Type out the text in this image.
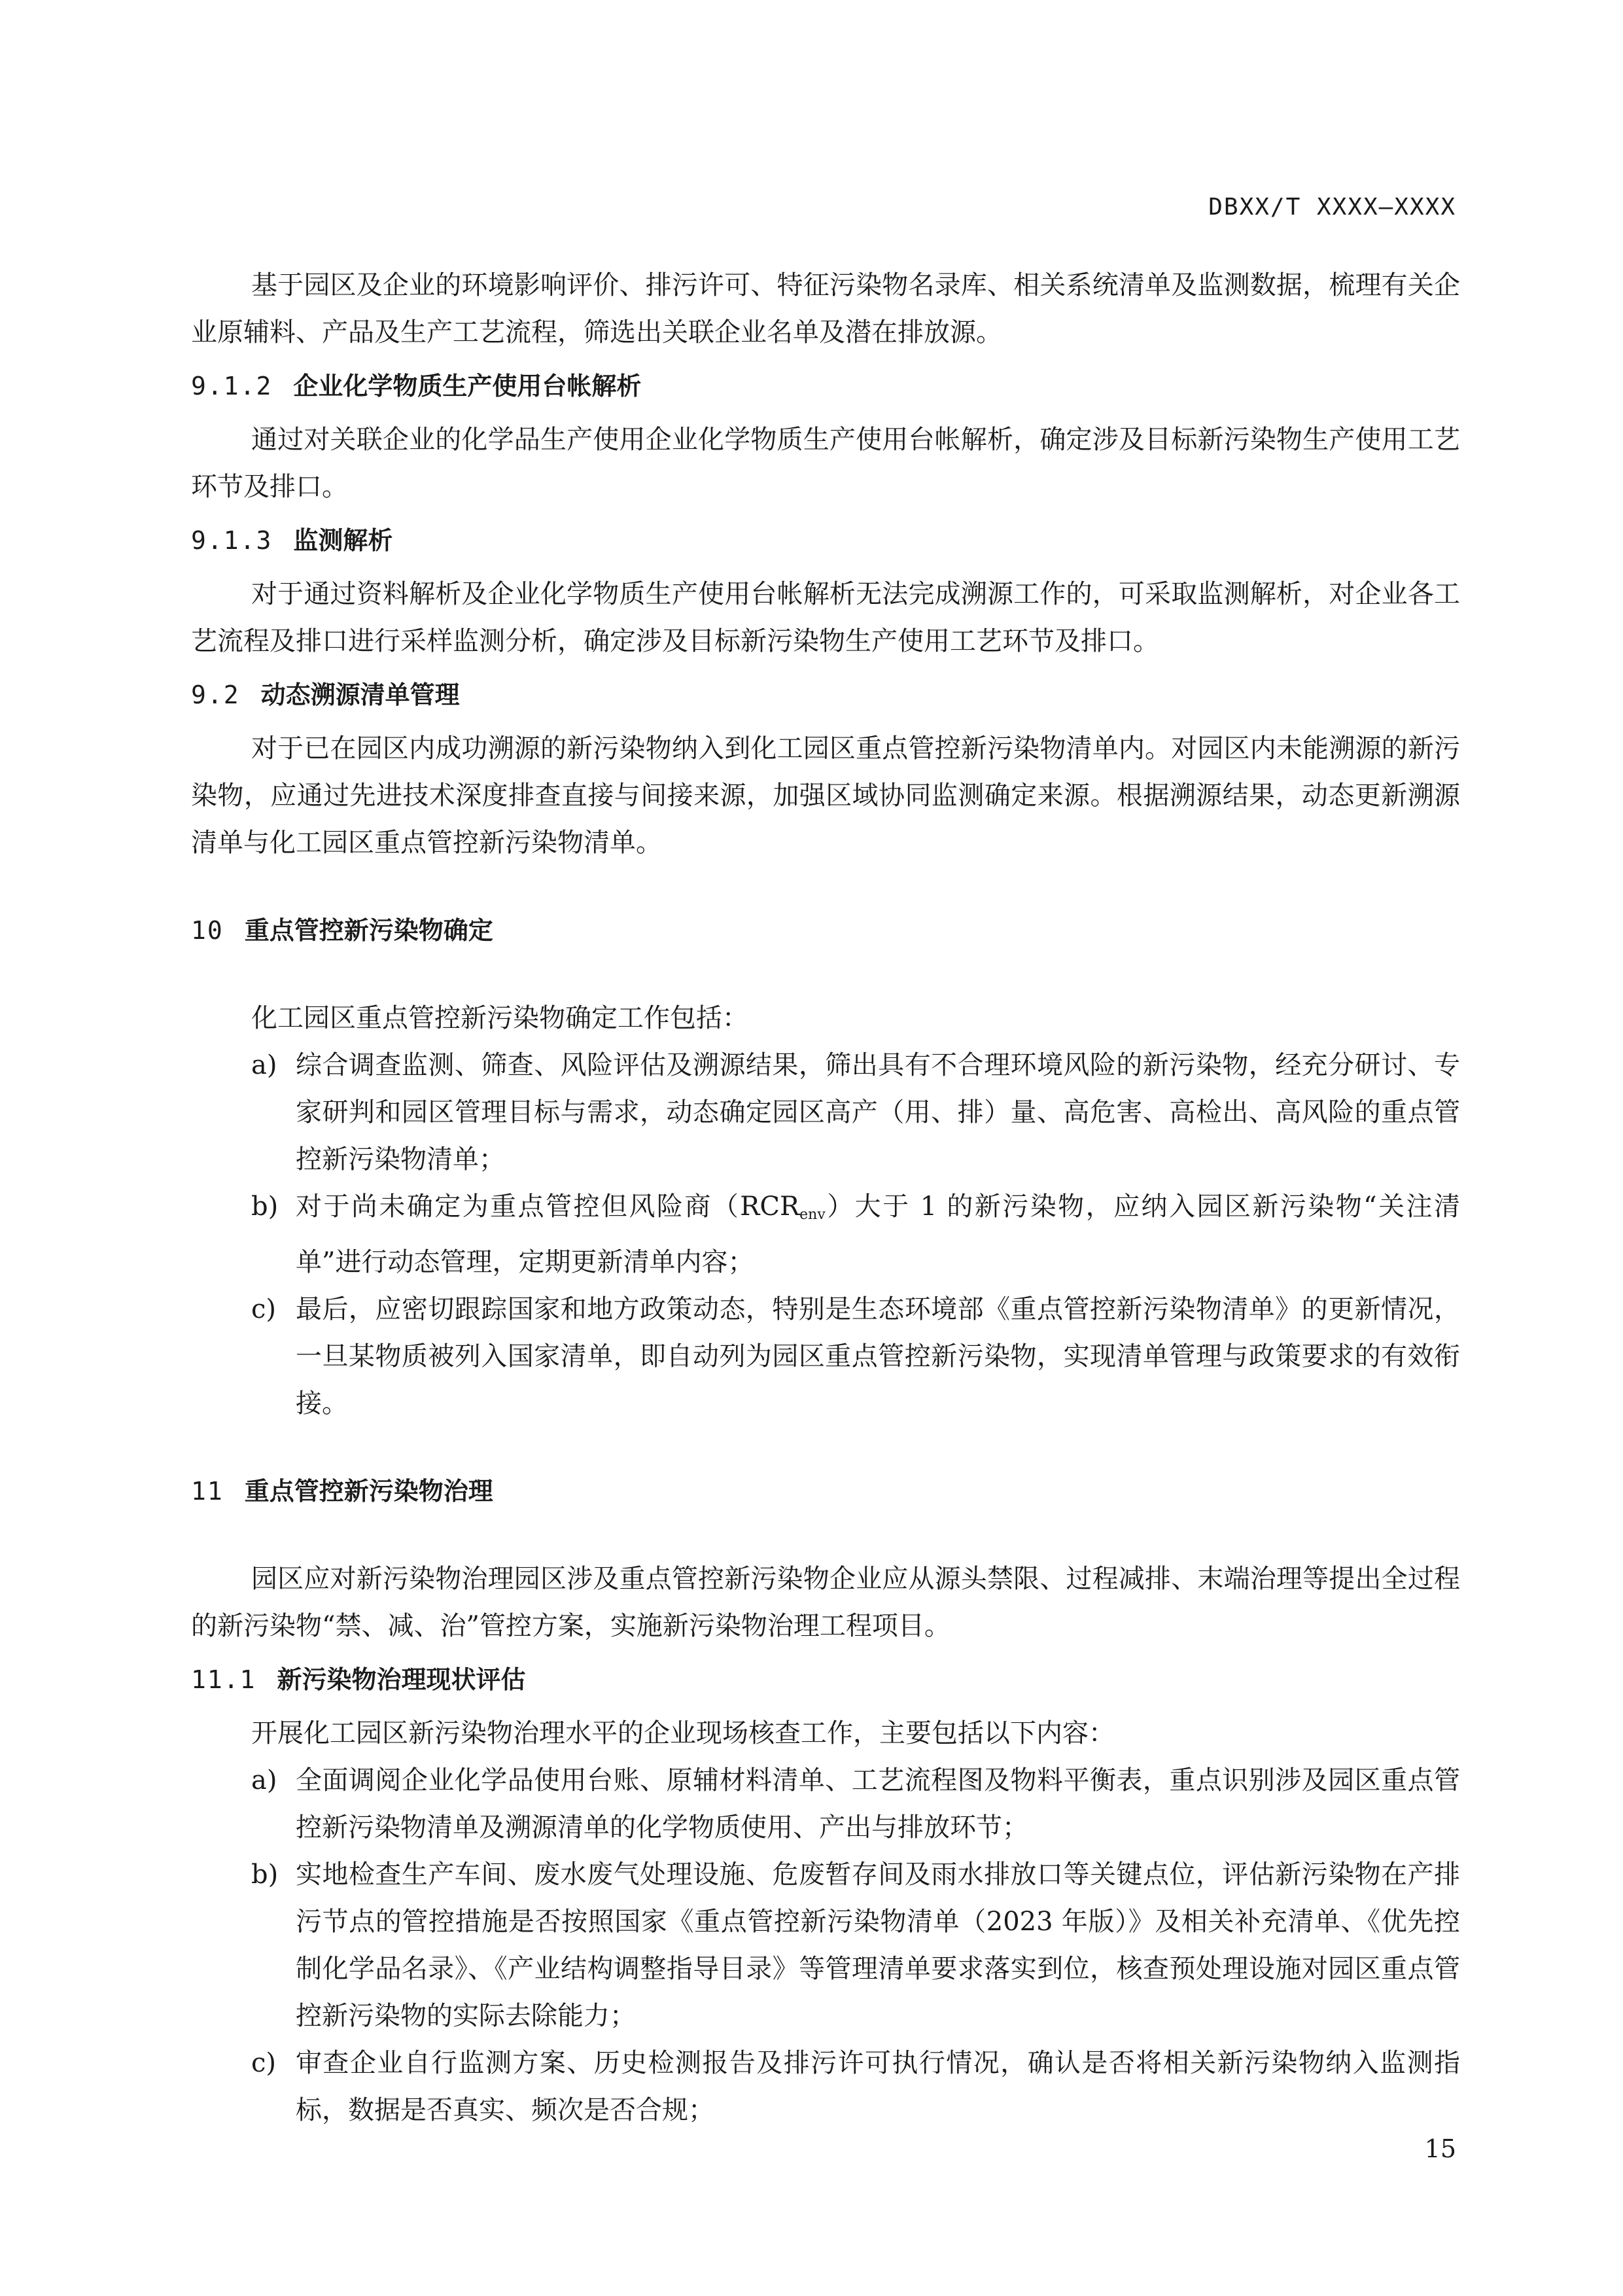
DBXX/T XXXX—XXXX

基于园区及企业的环境影响评价、排污许可、特征污染物名录库、相关系统清单及监测数据，梳理有关企业原辅料、产品及生产工艺流程，筛选出关联企业名单及潜在排放源。

9.1.2 企业化学物质生产使用台帐解析

通过对关联企业的化学品生产使用企业化学物质生产使用台帐解析，确定涉及目标新污染物生产使用工艺环节及排口。

9.1.3 监测解析

对于通过资料解析及企业化学物质生产使用台帐解析无法完成溯源工作的，可采取监测解析，对企业各工艺流程及排口进行采样监测分析，确定涉及目标新污染物生产使用工艺环节及排口。

9.2 动态溯源清单管理

对于已在园区内成功溯源的新污染物纳入到化工园区重点管控新污染物清单内。对园区内未能溯源的新污染物，应通过先进技术深度排查直接与间接来源，加强区域协同监测确定来源。根据溯源结果，动态更新溯源清单与化工园区重点管控新污染物清单。

10 重点管控新污染物确定

化工园区重点管控新污染物确定工作包括：

a) 综合调查监测、筛查、风险评估及溯源结果，筛出具有不合理环境风险的新污染物，经充分研讨、专家研判和园区管理目标与需求，动态确定园区高产（用、排）量、高危害、高检出、高风险的重点管控新污染物清单；
b) 对于尚未确定为重点管控但风险商$(RCR_{env})$大于 1 的新污染物，应纳入园区新污染物“关注清单”进行动态管理，定期更新清单内容；
c) 最后，应密切跟踪国家和地方政策动态，特别是生态环境部《重点管控新污染物清单》的更新情况，一旦某物质被列入国家清单，即自动列为园区重点管控新污染物，实现清单管理与政策要求的有效衔接。
11 重点管控新污染物治理

园区应对新污染物治理园区涉及重点管控新污染物企业应从源头禁限、过程减排、末端治理等提出全过程的新污染物“禁、减、治”管控方案，实施新污染物治理工程项目。

11.1 新污染物治理现状评估

开展化工园区新污染物治理水平的企业现场核查工作，主要包括以下内容：

a) 全面调阅企业化学品使用台账、原辅材料清单、工艺流程图及物料平衡表，重点识别涉及园区重点管控新污染物清单及溯源清单的化学物质使用、产出与排放环节；
b) 实地检查生产车间、废水废气处理设施、危废暂存间及雨水排放口等关键点位，评估新污染物在产排污节点的管控措施是否按照国家《重点管控新污染物清单（2023 年版）》及相关补充清单、《优先控制化学品名录》、《产业结构调整指导目录》等管理清单要求落实到位，核查预处理设施对园区重点管控新污染物的实际去除能力；
c) 审查企业自行监测方案、历史检测报告及排污许可执行情况，确认是否将相关新污染物纳入监测指标，数据是否真实、频次是否合规；
15
